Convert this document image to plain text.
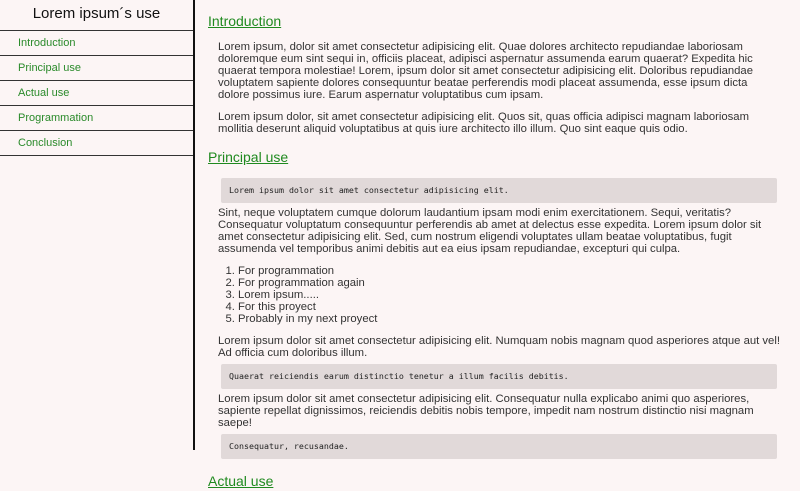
Lorem ipsum´s use
Introduction
Principal use
Actual use
Programmation
Conclusion
Introduction

Lorem ipsum, dolor sit amet consectetur adipisicing elit. Quae dolores architecto repudiandae laboriosam doloremque eum sint sequi in, officiis placeat, adipisci aspernatur assumenda earum quaerat? Expedita hic quaerat tempora molestiae! Lorem, ipsum dolor sit amet consectetur adipisicing elit. Doloribus repudiandae voluptatem sapiente dolores consequuntur beatae perferendis modi placeat assumenda, esse ipsum dicta dolore possimus iure. Earum aspernatur voluptatibus cum ipsam.

Lorem ipsum dolor, sit amet consectetur adipisicing elit. Quos sit, quas officia adipisci magnam laboriosam mollitia deserunt aliquid voluptatibus at quis iure architecto illo illum. Quo sint eaque quis odio.

Principal use
Lorem ipsum dolor sit amet consectetur adipisicing elit.

Sint, neque voluptatem cumque dolorum laudantium ipsam modi enim exercitationem. Sequi, veritatis? Consequatur voluptatum consequuntur perferendis ab amet at delectus esse expedita. Lorem ipsum dolor sit amet consectetur adipisicing elit. Sed, cum nostrum eligendi voluptates ullam beatae voluptatibus, fugit assumenda vel temporibus animi debitis aut ea eius ipsam repudiandae, excepturi qui culpa.

1. For programmation
2. For programmation again
3. Lorem ipsum.....
4. For this proyect
5. Probably in my next proyect

Lorem ipsum dolor sit amet consectetur adipisicing elit. Numquam nobis magnam quod asperiores atque aut vel! Ad officia cum doloribus illum.

Quaerat reiciendis earum distinctio tenetur a illum facilis debitis.

Lorem ipsum dolor sit amet consectetur adipisicing elit. Consequatur nulla explicabo animi quo asperiores, sapiente repellat dignissimos, reiciendis debitis nobis tempore, impedit nam nostrum distinctio nisi magnam saepe!

Consequatur, recusandae.
Actual use
